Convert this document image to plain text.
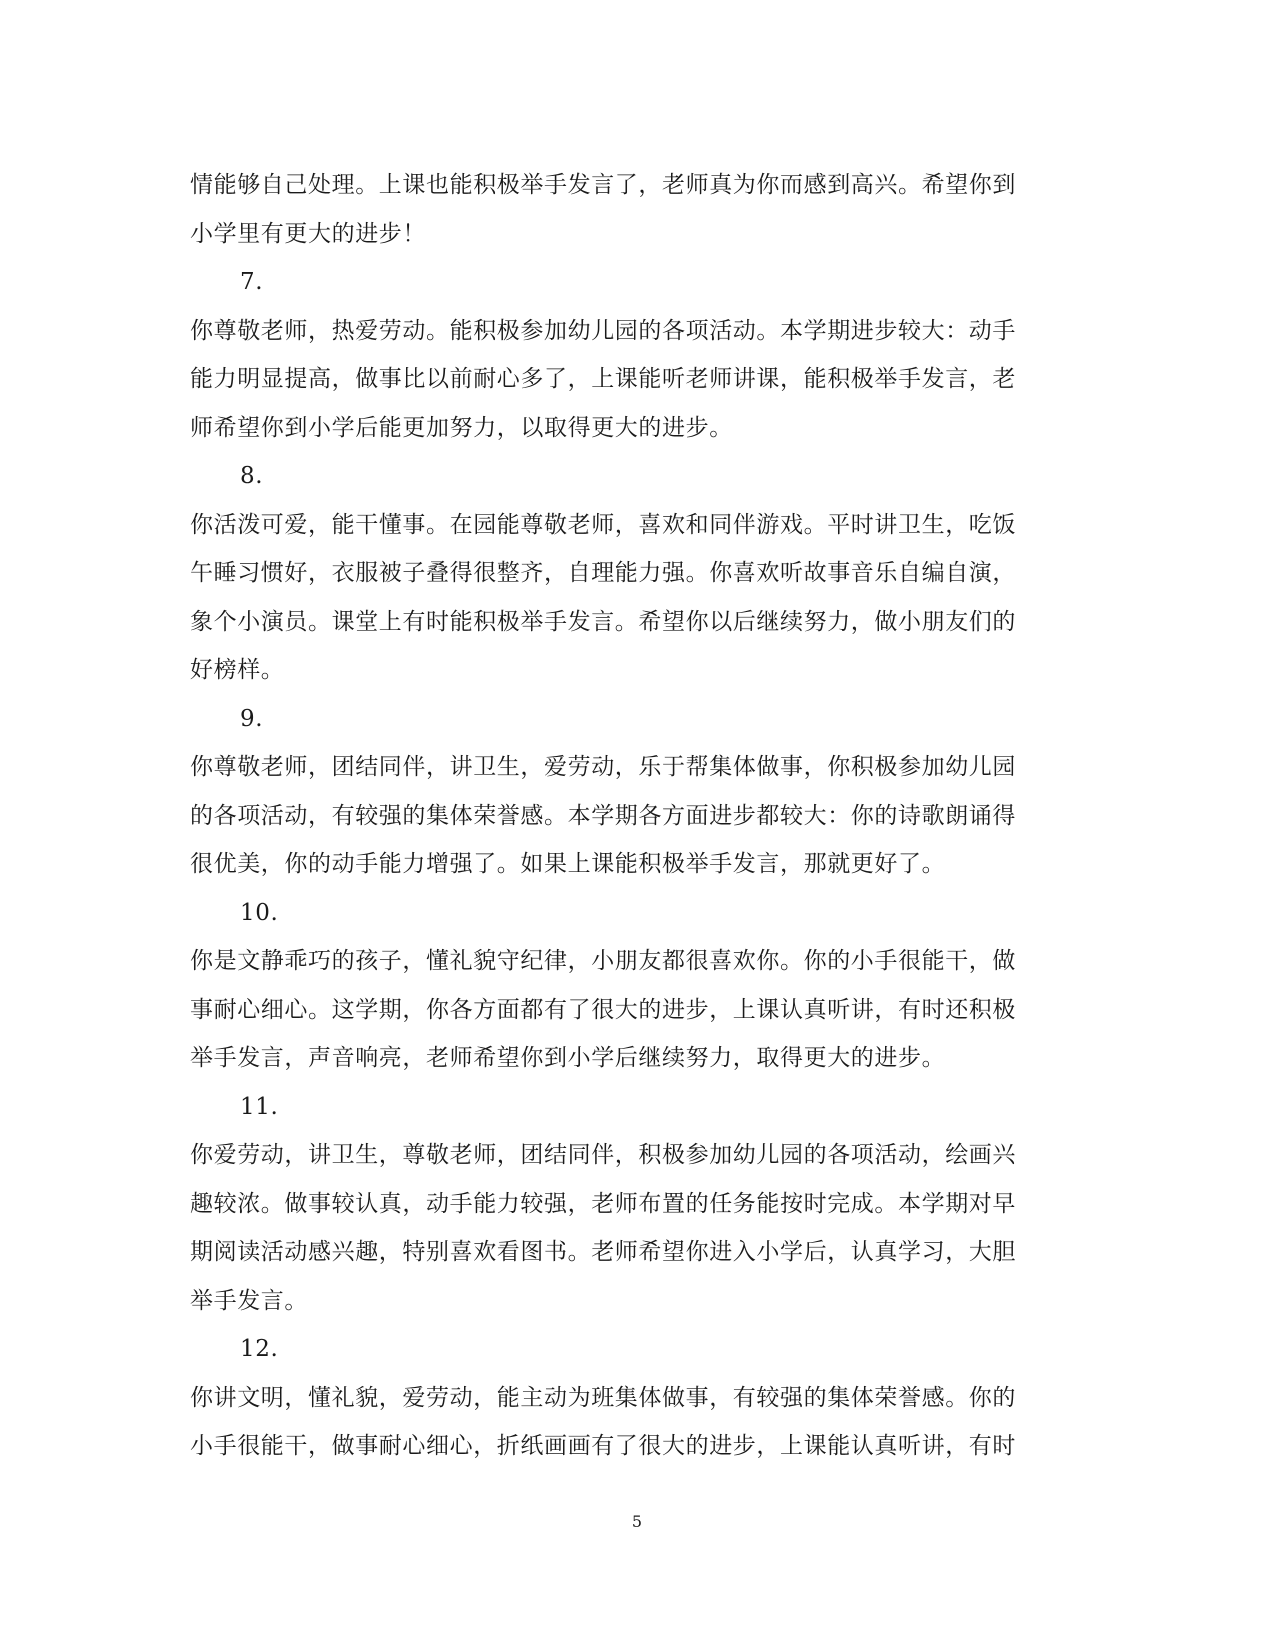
情能够自己处理。上课也能积极举手发言了，老师真为你而感到高兴。希望你到
小学里有更大的进步！
7.
你尊敬老师，热爱劳动。能积极参加幼儿园的各项活动。本学期进步较大：动手
能力明显提高，做事比以前耐心多了，上课能听老师讲课，能积极举手发言，老
师希望你到小学后能更加努力，以取得更大的进步。
8.
你活泼可爱，能干懂事。在园能尊敬老师，喜欢和同伴游戏。平时讲卫生，吃饭
午睡习惯好，衣服被子叠得很整齐，自理能力强。你喜欢听故事音乐自编自演，
象个小演员。课堂上有时能积极举手发言。希望你以后继续努力，做小朋友们的
好榜样。
9.
你尊敬老师，团结同伴，讲卫生，爱劳动，乐于帮集体做事，你积极参加幼儿园
的各项活动，有较强的集体荣誉感。本学期各方面进步都较大：你的诗歌朗诵得
很优美，你的动手能力增强了。如果上课能积极举手发言，那就更好了。
10.
你是文静乖巧的孩子，懂礼貌守纪律，小朋友都很喜欢你。你的小手很能干，做
事耐心细心。这学期，你各方面都有了很大的进步，上课认真听讲，有时还积极
举手发言，声音响亮，老师希望你到小学后继续努力，取得更大的进步。
11.
你爱劳动，讲卫生，尊敬老师，团结同伴，积极参加幼儿园的各项活动，绘画兴
趣较浓。做事较认真，动手能力较强，老师布置的任务能按时完成。本学期对早
期阅读活动感兴趣，特别喜欢看图书。老师希望你进入小学后，认真学习，大胆
举手发言。
12.
你讲文明，懂礼貌，爱劳动，能主动为班集体做事，有较强的集体荣誉感。你的
小手很能干，做事耐心细心，折纸画画有了很大的进步，上课能认真听讲，有时
5
